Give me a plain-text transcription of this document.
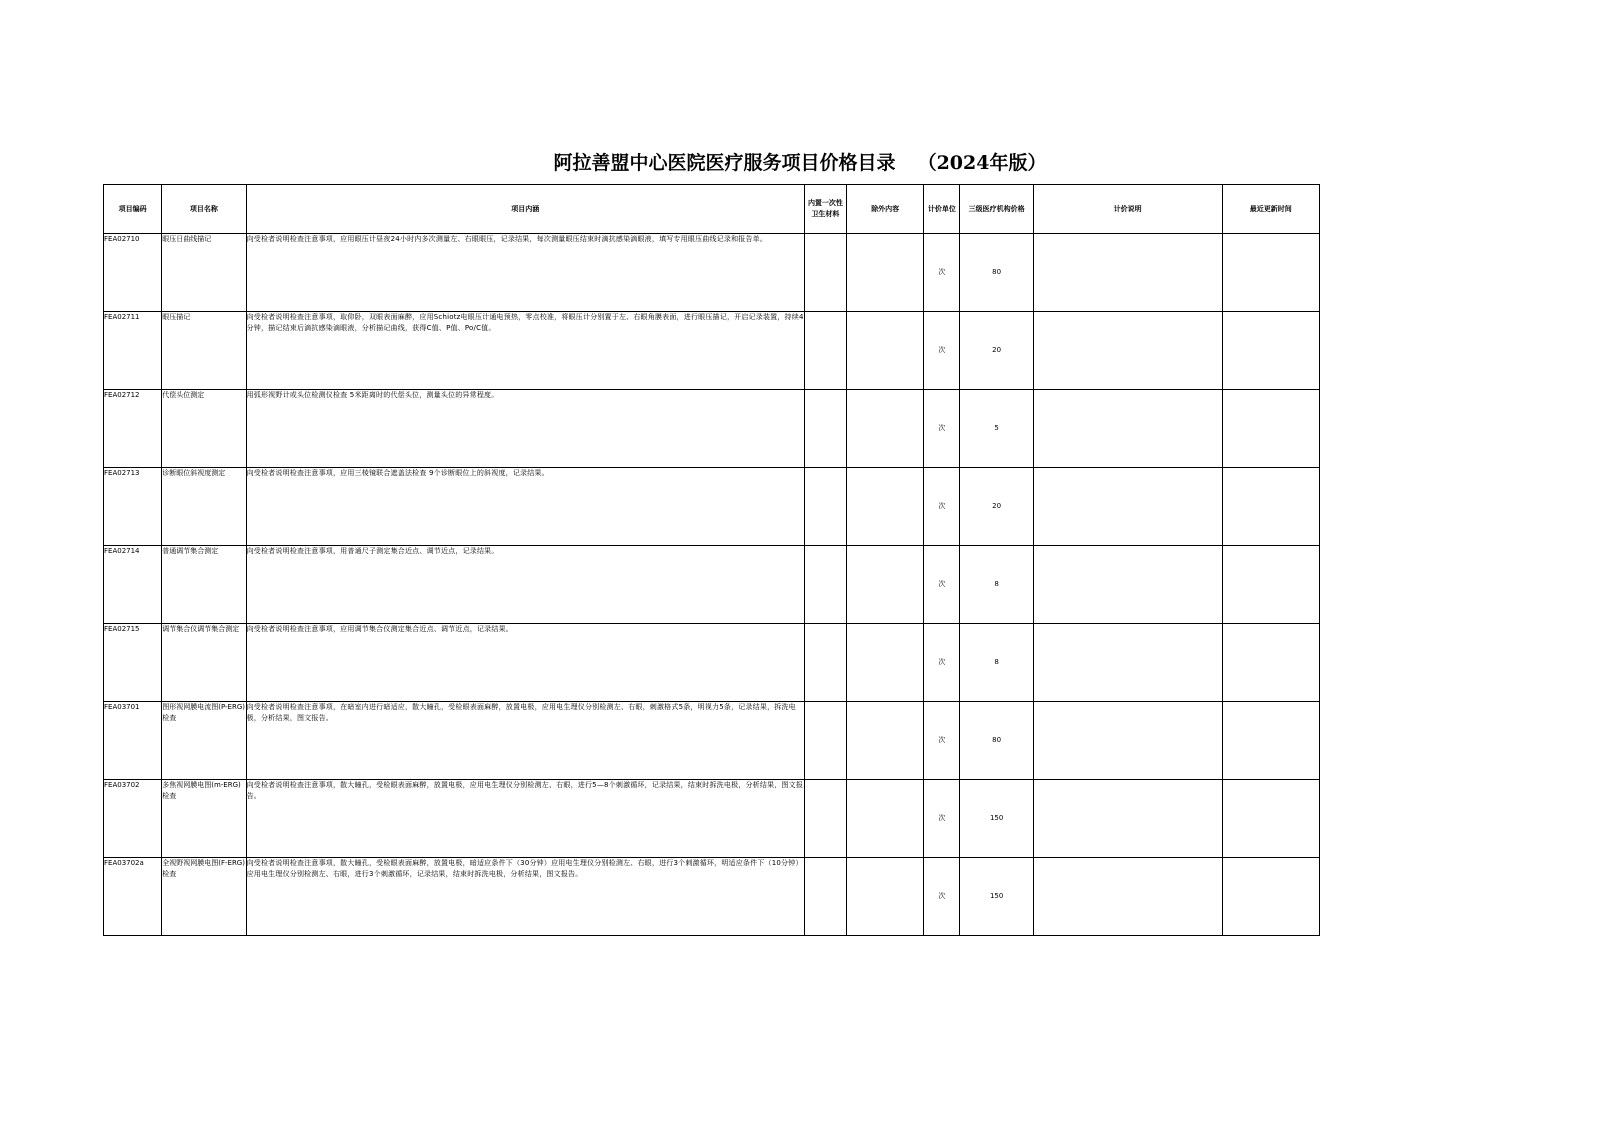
阿拉善盟中心医院医疗服务项目价格目录 （2024年版）
项目编码	项目名称	项目内涵	内置一次性卫生材料	除外内容	计价单位	三级医疗机构价格	计价说明	最近更新时间
FEA02710	眼压日曲线描记	向受检者说明检查注意事项，应用眼压计昼夜24小时内多次测量左、右眼眼压，记录结果，每次测量眼压结束时滴抗感染滴眼液，填写专用眼压曲线记录和报告单。			次	80		
FEA02711	眼压描记	向受检者说明检查注意事项，取仰卧，双眼表面麻醉，应用Schiotz电眼压计通电预热，零点校准，将眼压计分别置于左、右眼角膜表面，进行眼压描记，开启记录装置，持续4分钟，描记结束后滴抗感染滴眼液，分析描记曲线，获得C值、P值、Po/C值。			次	20		
FEA02712	代偿头位测定	用弧形视野计或头位检测仪检查 5米距离时的代偿头位，测量头位的异常程度。			次	5		
FEA02713	诊断眼位斜视度测定	向受检者说明检查注意事项，应用三棱镜联合遮盖法检查 9个诊断眼位上的斜视度，记录结果。			次	20		
FEA02714	普通调节集合测定	向受检者说明检查注意事项，用普通尺子测定集合近点、调节近点，记录结果。			次	8		
FEA02715	调节集合仪调节集合测定	向受检者说明检查注意事项，应用调节集合仪测定集合近点、调节近点，记录结果。			次	8		
FEA03701	图形视网膜电流图(P-ERG)检查	向受检者说明检查注意事项，在暗室内进行暗适应，散大瞳孔，受检眼表面麻醉，放置电极，应用电生理仪分别检测左、右眼，刺激格式5条，明视力5条，记录结果，拆洗电极，分析结果，图文报告。			次	80		
FEA03702	多焦视网膜电图(m-ERG)检查	向受检者说明检查注意事项，散大瞳孔，受检眼表面麻醉，放置电极，应用电生理仪分别检测左、右眼，进行5—8个刺激循环，记录结果，结束时拆洗电极，分析结果，图文报告。			次	150		
FEA03702a	全视野视网膜电图(F-ERG)检查	向受检者说明检查注意事项，散大瞳孔，受检眼表面麻醉，放置电极，暗适应条件下（30分钟）应用电生理仪分别检测左、右眼，进行3个刺激循环，明适应条件下（10分钟）应用电生理仪分别检测左、右眼，进行3个刺激循环，记录结果，结束时拆洗电极，分析结果，图文报告。			次	150		
